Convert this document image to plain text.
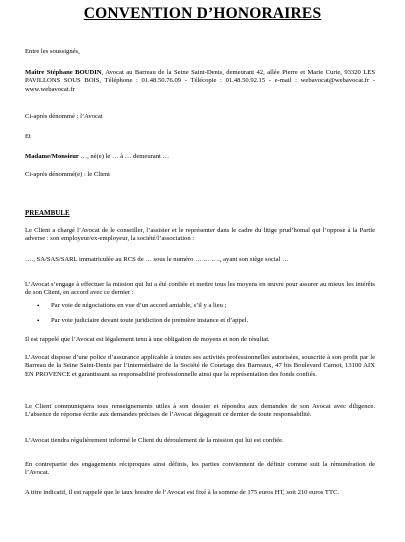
CONVENTION D’HONORAIRES
Entre les soussignés,
Maître Stéphane BOUDIN, Avocat au Barreau de la Seine Saint-Denis, demeurant 42, allée Pierre et Marie Curie, 93320 LES PAVILLONS SOUS BOIS, Téléphone : 01.48.50.76.09 - Télécopie : 01.48.50.92.15 - e-mail : webavocat@webavocat.fr - www.webavocat.fr
Ci-après dénommé : l’Avocat
Et
Madame/Monsieur …, né(e) le … à … demeurant …
Ci-après dénommé(e) : le Client
PREAMBULE
Le Client a chargé l’Avocat de le conseiller, l’assister et le représenter dans le cadre du litige prud’homal qui l’oppose à la Partie adverse : son employeur/ex-employeur, la société/l’association :
…., SA/SAS/SARL immatriculée au RCS de … sous le numéro … … …., ayant son siège social …
L’Avocat s’engage à effectuer la mission qui lui a été confiée et mettre tous les moyens en œuvre pour assurer au mieux les intérêts de son Client, en accord avec ce dernier :
• Par voie de négociations en vue d’un accord amiable, s’il y a lieu ;
• Par voie judiciaire devant toute juridiction de première instance et d’appel.
Il est rappelé que l’Avocat est légalement tenu à une obligation de moyens et non de résultat.
L’Avocat dispose d’une police d’assurance applicable à toutes ses activités professionnelles autorisées, souscrite à son profit par le Barreau de la Seine Saint-Denis par l’intermédiaire de la Société de Courtage des Barreaux, 47 bis Boulevard Carnot, 13100 AIX EN PROVENCE et garantissant sa responsabilité professionnelle ainsi que la représentation des fonds confiés.
Le Client communiquera tous renseignements utiles à son dossier et répondra aux demandes de son Avocat avec diligence. L’absence de réponse écrite aux demandes précises de l’Avocat dégagerait ce dernier de toute responsabilité.
L’Avocat tiendra régulièrement informé le Client du déroulement de la mission qui lui est confiée.
En contrepartie des engagements réciproques ainsi définis, les parties conviennent de définir comme suit la rémunération de l’Avocat.
A titre indicatif, il est rappelé que le taux horaire de l’Avocat est fixé à la somme de 175 euros HT, soit 210 euros TTC.
